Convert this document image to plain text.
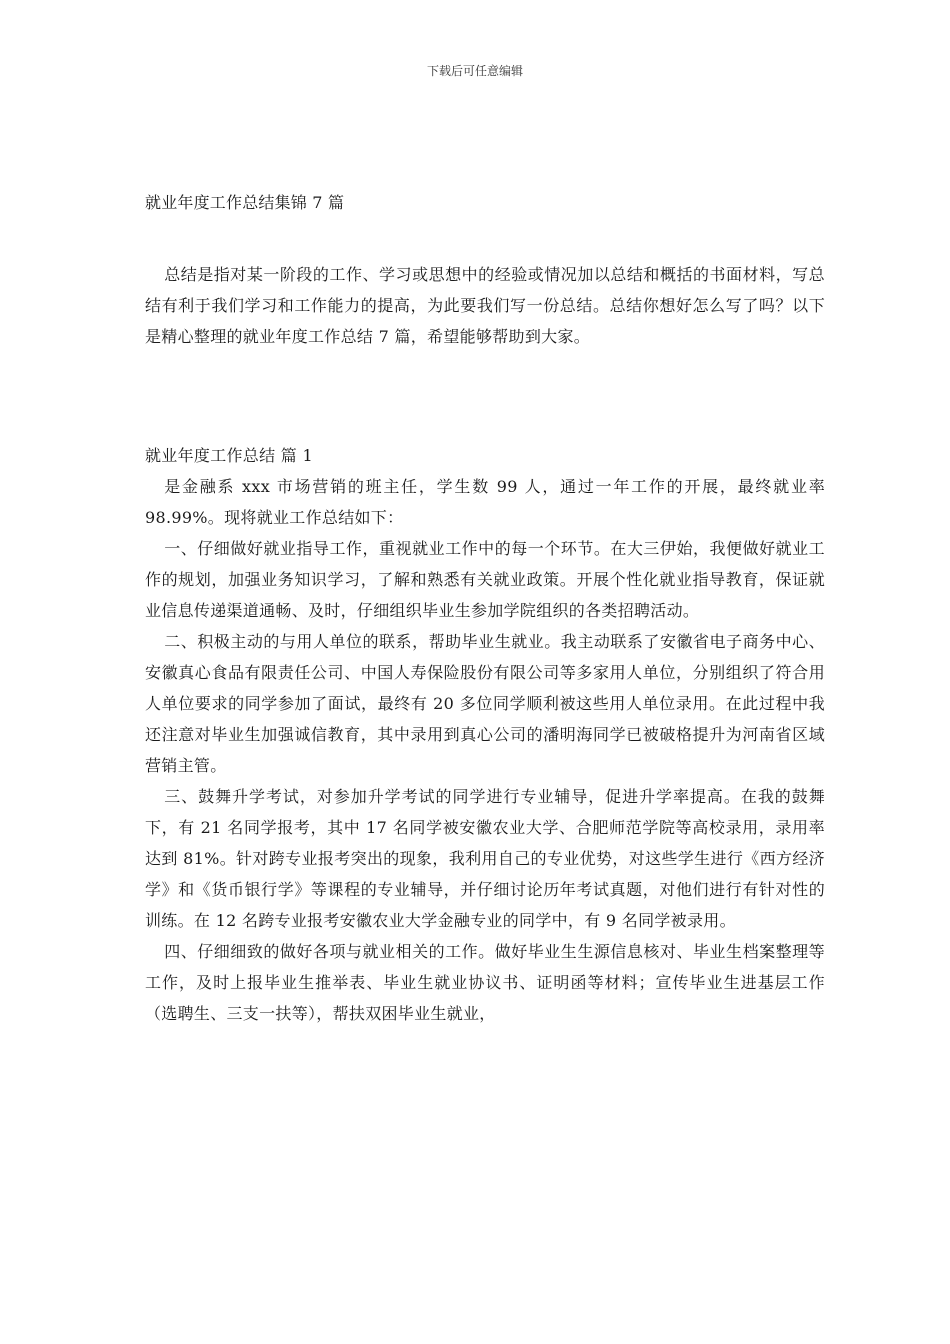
下载后可任意编辑
就业年度工作总结集锦 7 篇

总结是指对某一阶段的工作、学习或思想中的经验或情况加以总结和概括的书面材料，写总结有利于我们学习和工作能力的提高，为此要我们写一份总结。总结你想好怎么写了吗？以下是精心整理的就业年度工作总结 7 篇，希望能够帮助到大家。

就业年度工作总结 篇 1

是金融系 xxx 市场营销的班主任，学生数 99 人，通过一年工作的开展，最终就业率 98.99%。现将就业工作总结如下：

一、仔细做好就业指导工作，重视就业工作中的每一个环节。在大三伊始，我便做好就业工作的规划，加强业务知识学习，了解和熟悉有关就业政策。开展个性化就业指导教育，保证就业信息传递渠道通畅、及时，仔细组织毕业生参加学院组织的各类招聘活动。

二、积极主动的与用人单位的联系，帮助毕业生就业。我主动联系了安徽省电子商务中心、安徽真心食品有限责任公司、中国人寿保险股份有限公司等多家用人单位，分别组织了符合用人单位要求的同学参加了面试，最终有 20 多位同学顺利被这些用人单位录用。在此过程中我还注意对毕业生加强诚信教育，其中录用到真心公司的潘明海同学已被破格提升为河南省区域营销主管。

三、鼓舞升学考试，对参加升学考试的同学进行专业辅导，促进升学率提高。在我的鼓舞下，有 21 名同学报考，其中 17 名同学被安徽农业大学、合肥师范学院等高校录用，录用率达到 81%。针对跨专业报考突出的现象，我利用自己的专业优势，对这些学生进行《西方经济学》和《货币银行学》等课程的专业辅导，并仔细讨论历年考试真题，对他们进行有针对性的训练。在 12 名跨专业报考安徽农业大学金融专业的同学中，有 9 名同学被录用。

四、仔细细致的做好各项与就业相关的工作。做好毕业生生源信息核对、毕业生档案整理等工作，及时上报毕业生推举表、毕业生就业协议书、证明函等材料；宣传毕业生进基层工作（选聘生、三支一扶等），帮扶双困毕业生就业，
